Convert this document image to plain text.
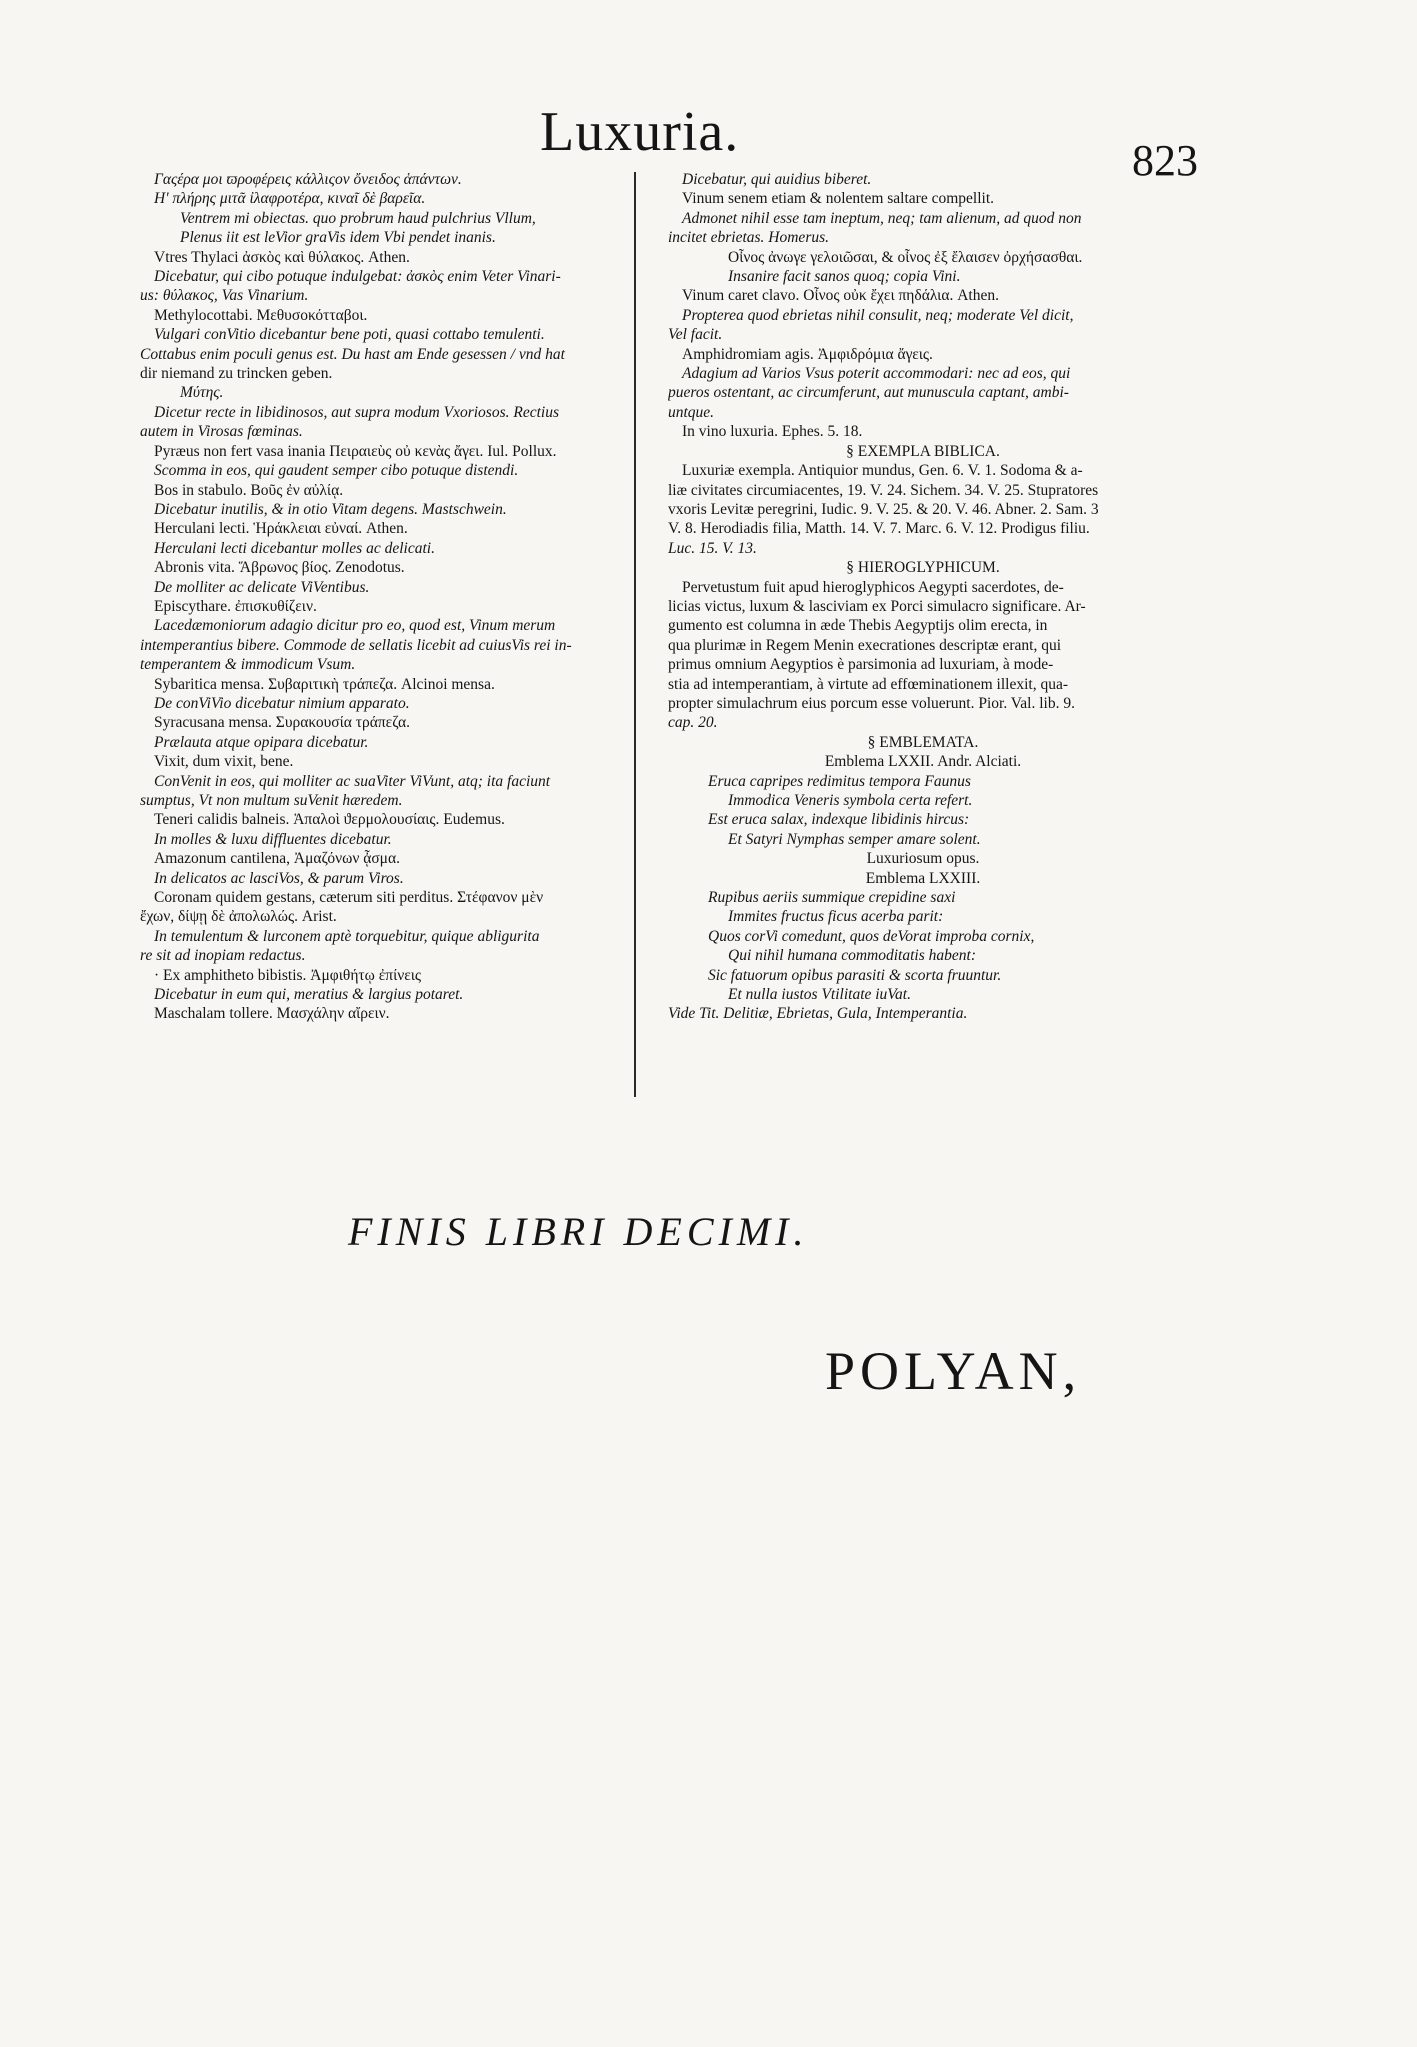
Luxuria.	823
Γαςέρα μοι ϖροφέρεις κάλλιςον ὄνειδος ἁπάντων.
Η' πλήρης μιτᾶ ἰλαφροτέρα, κιναῖ δὲ βαρεῖα.
Ventrem mi obiectas. quo probrum haud pulchrius Vllum,
Plenus iit est leVior graVis idem Vbi pendet inanis.
Vtres Thylaci ἀσκὸς καὶ θύλακος. Athen.
Dicebatur, qui cibo potuque indulgebat: ἀσκὸς enim Veter Vinari-
us: θύλακος, Vas Vinarium.
Methylocottabi. Μεθυσοκότταβοι.
Vulgari conVitio dicebantur bene poti, quasi cottabo temulenti.
Cottabus enim poculi genus est. Du hast am Ende gesessen / vnd hat
dir niemand zu trincken geben.
Μύτης.
Dicetur recte in libidinosos, aut supra modum Vxoriosos. Rectius
autem in Virosas fœminas.
Pyræus non fert vasa inania Πειραιεὺς οὐ κενὰς ἄγει. Iul. Pollux.
Scomma in eos, qui gaudent semper cibo potuque distendi.
Bos in stabulo. Βοῦς ἐν αὐλίᾳ.
Dicebatur inutilis, & in otio Vitam degens. Mastschwein.
Herculani lecti. Ἡράκλειαι εὐναί. Athen.
Herculani lecti dicebantur molles ac delicati.
Abronis vita. Ἅβρωνος βίος. Zenodotus.
De molliter ac delicate ViVentibus.
Episcythare. ἐπισκυθίζειν.
Lacedæmoniorum adagio dicitur pro eo, quod est, Vinum merum
intemperantius bibere. Commode de sellatis licebit ad cuiusVis rei in-
temperantem & immodicum Vsum.
Sybaritica mensa. Συβαριτικὴ τράπεζα. Alcinoi mensa.
De conViVio dicebatur nimium apparato.
Syracusana mensa. Συρακουσία τράπεζα.
Prælauta atque opipara dicebatur.
Vixit, dum vixit, bene.
ConVenit in eos, qui molliter ac suaViter ViVunt, atq; ita faciunt
sumptus, Vt non multum suVenit hæredem.
Teneri calidis balneis. Ἁπαλοὶ ϑερμολουσίαις. Eudemus.
In molles & luxu diffluentes dicebatur.
Amazonum cantilena, Ἀμαζόνων ᾆσμα.
In delicatos ac lasciVos, & parum Viros.
Coronam quidem gestans, cæterum siti perditus. Στέφανον μὲν
ἔχων, δίψῃ δὲ ἀπολωλώς. Arist.
In temulentum & lurconem aptè torquebitur, quique abligurita
re sit ad inopiam redactus.
· Ex amphitheto bibistis. Ἀμφιθήτῳ ἐπίνεις
Dicebatur in eum qui, meratius & largius potaret.
Maschalam tollere. Μασχάλην αἴρειν.
Dicebatur, qui auidius biberet.
Vinum senem etiam & nolentem saltare compellit.
Admonet nihil esse tam ineptum, neq; tam alienum, ad quod non
incitet ebrietas. Homerus.
Οἶνος ἀνωγε γελοιῶσαι, & οἶνος ἐξ ἔλαισεν ὀρχήσασθαι.
Insanire facit sanos quoq; copia Vini.
Vinum caret clavo. Οἶνος οὐκ ἔχει πηδάλια. Athen.
Propterea quod ebrietas nihil consulit, neq; moderate Vel dicit,
Vel facit.
Amphidromiam agis. Ἀμφιδρόμια ἄγεις.
Adagium ad Varios Vsus poterit accommodari: nec ad eos, qui
pueros ostentant, ac circumferunt, aut munuscula captant, ambi-
untque.
In vino luxuria. Ephes. 5. 18.
§ EXEMPLA BIBLICA.
Luxuriæ exempla. Antiquior mundus, Gen. 6. V. 1. Sodoma & a-
liæ civitates circumiacentes, 19. V. 24. Sichem. 34. V. 25. Stupratores
vxoris Levitæ peregrini, Iudic. 9. V. 25. & 20. V. 46. Abner. 2. Sam. 3
V. 8. Herodiadis filia, Matth. 14. V. 7. Marc. 6. V. 12. Prodigus filiu.
Luc. 15. V. 13.
§ HIEROGLYPHICUM.
Pervetustum fuit apud hieroglyphicos Aegypti sacerdotes, de-
licias victus, luxum & lasciviam ex Porci simulacro significare. Ar-
gumento est columna in æde Thebis Aegyptijs olim erecta, in
qua plurimæ in Regem Menin execrationes descriptæ erant, qui
primus omnium Aegyptios è parsimonia ad luxuriam, à mode-
stia ad intemperantiam, à virtute ad effœminationem illexit, qua-
propter simulachrum eius porcum esse voluerunt. Pior. Val. lib. 9.
cap. 20.
§ EMBLEMATA.
Emblema LXXII. Andr. Alciati.
Eruca capripes redimitus tempora Faunus
Immodica Veneris symbola certa refert.
Est eruca salax, indexque libidinis hircus:
Et Satyri Nymphas semper amare solent.
Luxuriosum opus.
Emblema LXXIII.
Rupibus aeriis summique crepidine saxi
Immites fructus ficus acerba parit:
Quos corVi comedunt, quos deVorat improba cornix,
Qui nihil humana commoditatis habent:
Sic fatuorum opibus parasiti & scorta fruuntur.
Et nulla iustos Vtilitate iuVat.
Vide Tit. Delitiæ, Ebrietas, Gula, Intemperantia.
FINIS LIBRI DECIMI.
POLYAN,
